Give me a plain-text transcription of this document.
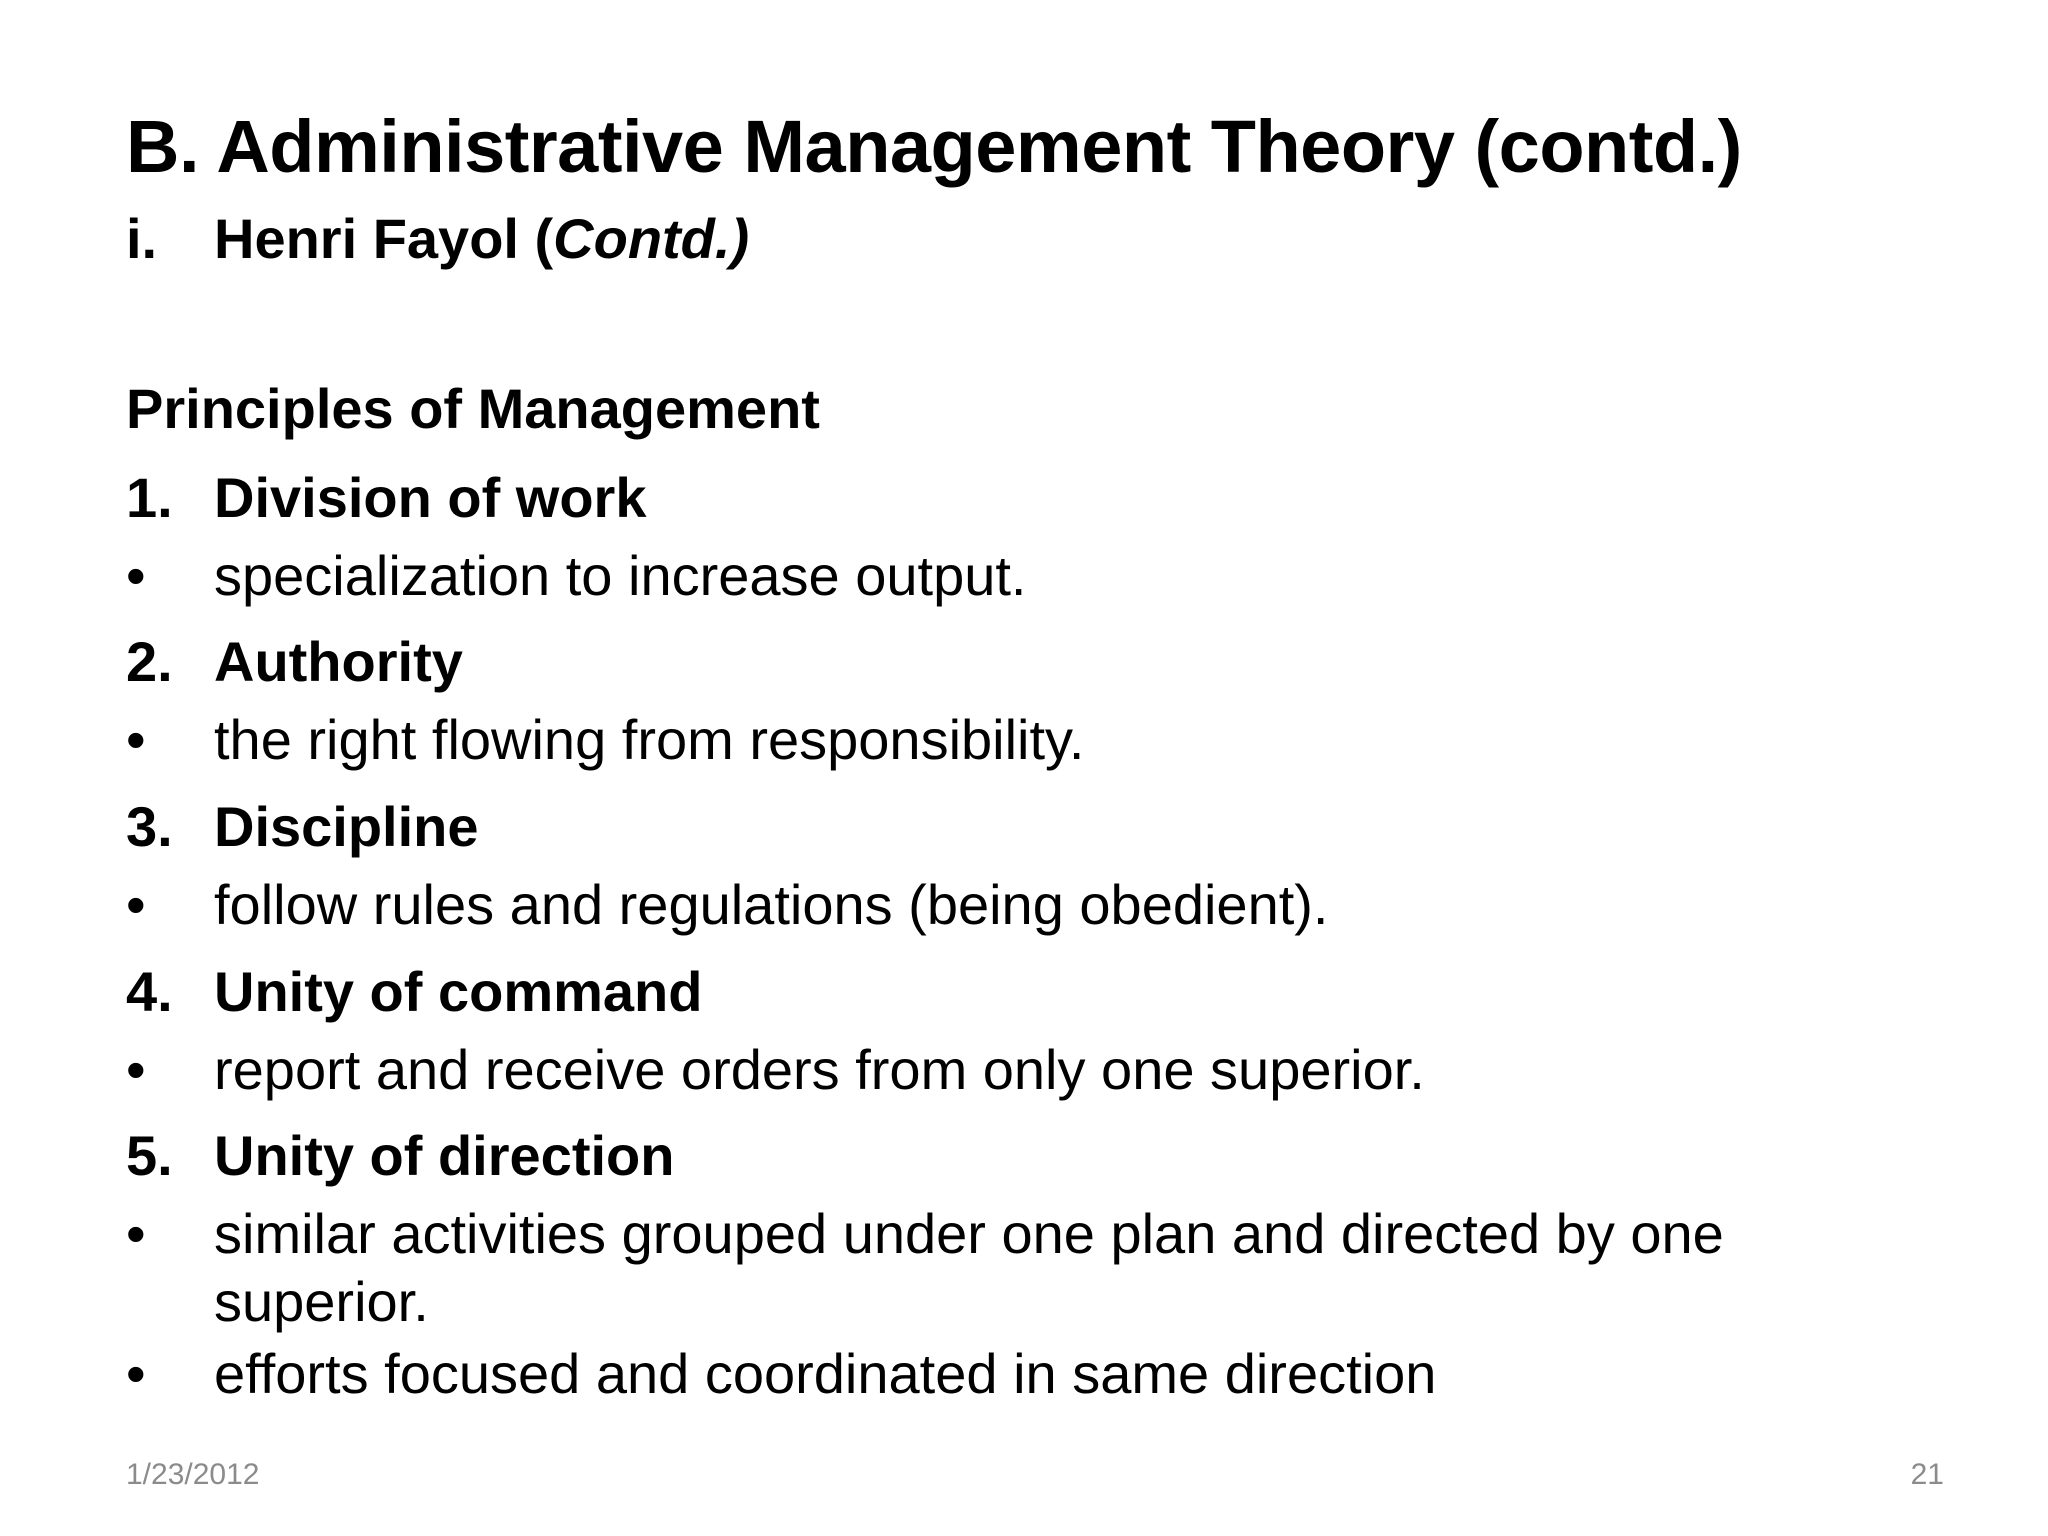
B. Administrative Management Theory (contd.)
i. Henri Fayol (Contd.)
Principles of Management
1. Division of work
• specialization to increase output.
2. Authority
• the right flowing from responsibility.
3. Discipline
• follow rules and regulations (being obedient).
4. Unity of command
• report and receive orders from only one superior.
5. Unity of direction
• similar activities grouped under one plan and directed by one
superior.
• efforts focused and coordinated in same direction
1/23/2012	21
